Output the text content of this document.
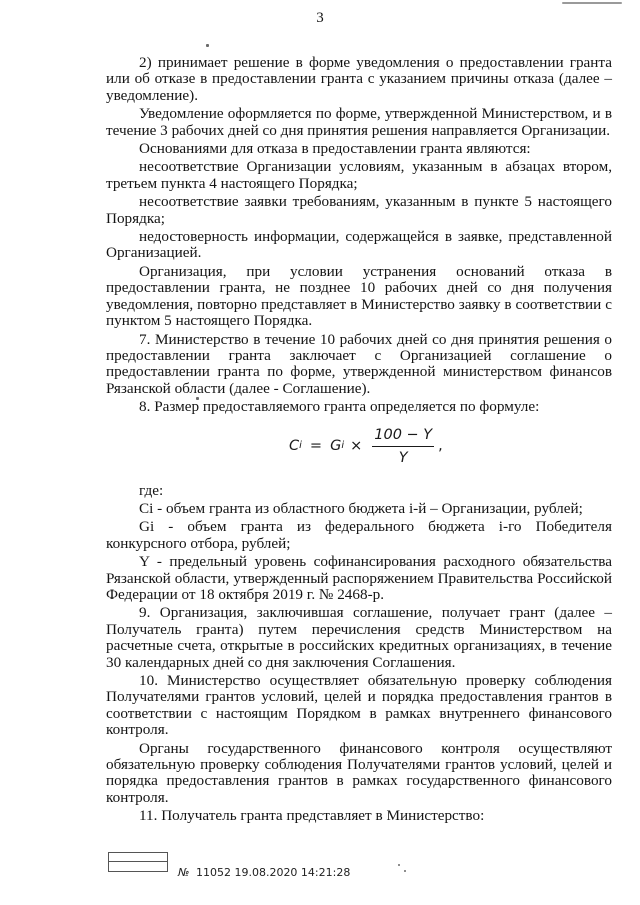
3

2) принимает решение в форме уведомления о предоставлении гранта или об отказе в предоставлении гранта с указанием причины отказа (далее – уведомление).

Уведомление оформляется по форме, утвержденной Министерством, и в течение 3 рабочих дней со дня принятия решения направляется Организации.

Основаниями для отказа в предоставлении гранта являются:

несоответствие Организации условиям, указанным в абзацах втором, третьем пункта 4 настоящего Порядка;

несоответствие заявки требованиям, указанным в пункте 5 настоящего Порядка;

недостоверность информации, содержащейся в заявке, представленной Организацией.

Организация, при условии устранения оснований отказа в предоставлении гранта, не позднее 10 рабочих дней со дня получения уведомления, повторно представляет в Министерство заявку в соответствии с пунктом 5 настоящего Порядка.

7. Министерство в течение 10 рабочих дней со дня принятия решения о предоставлении гранта заключает с Организацией соглашение о предоставлении гранта по форме, утвержденной министерством финансов Рязанской области (далее - Соглашение).

8. Размер предоставляемого гранта определяется по формуле:

C i = G $i \times \frac{100 - Y}{Y}$ ,

где:

Ci - объем гранта из областного бюджета i-й – Организации, рублей;

Gi - объем гранта из федерального бюджета i-го Победителя конкурсного отбора, рублей;

Y - предельный уровень софинансирования расходного обязательства Рязанской области, утвержденный распоряжением Правительства Российской Федерации от 18 октября 2019 г. № 2468-р.

9. Организация, заключившая соглашение, получает грант (далее – Получатель гранта) путем перечисления средств Министерством на расчетные счета, открытые в российских кредитных организациях, в течение 30 календарных дней со дня заключения Соглашения.

10. Министерство осуществляет обязательную проверку соблюдения Получателями грантов условий, целей и порядка предоставления грантов в соответствии с настоящим Порядком в рамках внутреннего финансового контроля.

Органы государственного финансового контроля осуществляют обязательную проверку соблюдения Получателями грантов условий, целей и порядка предоставления грантов в рамках государственного финансового контроля.

11. Получатель гранта представляет в Министерство:

№ 11052 19.08.2020 14:21:28
